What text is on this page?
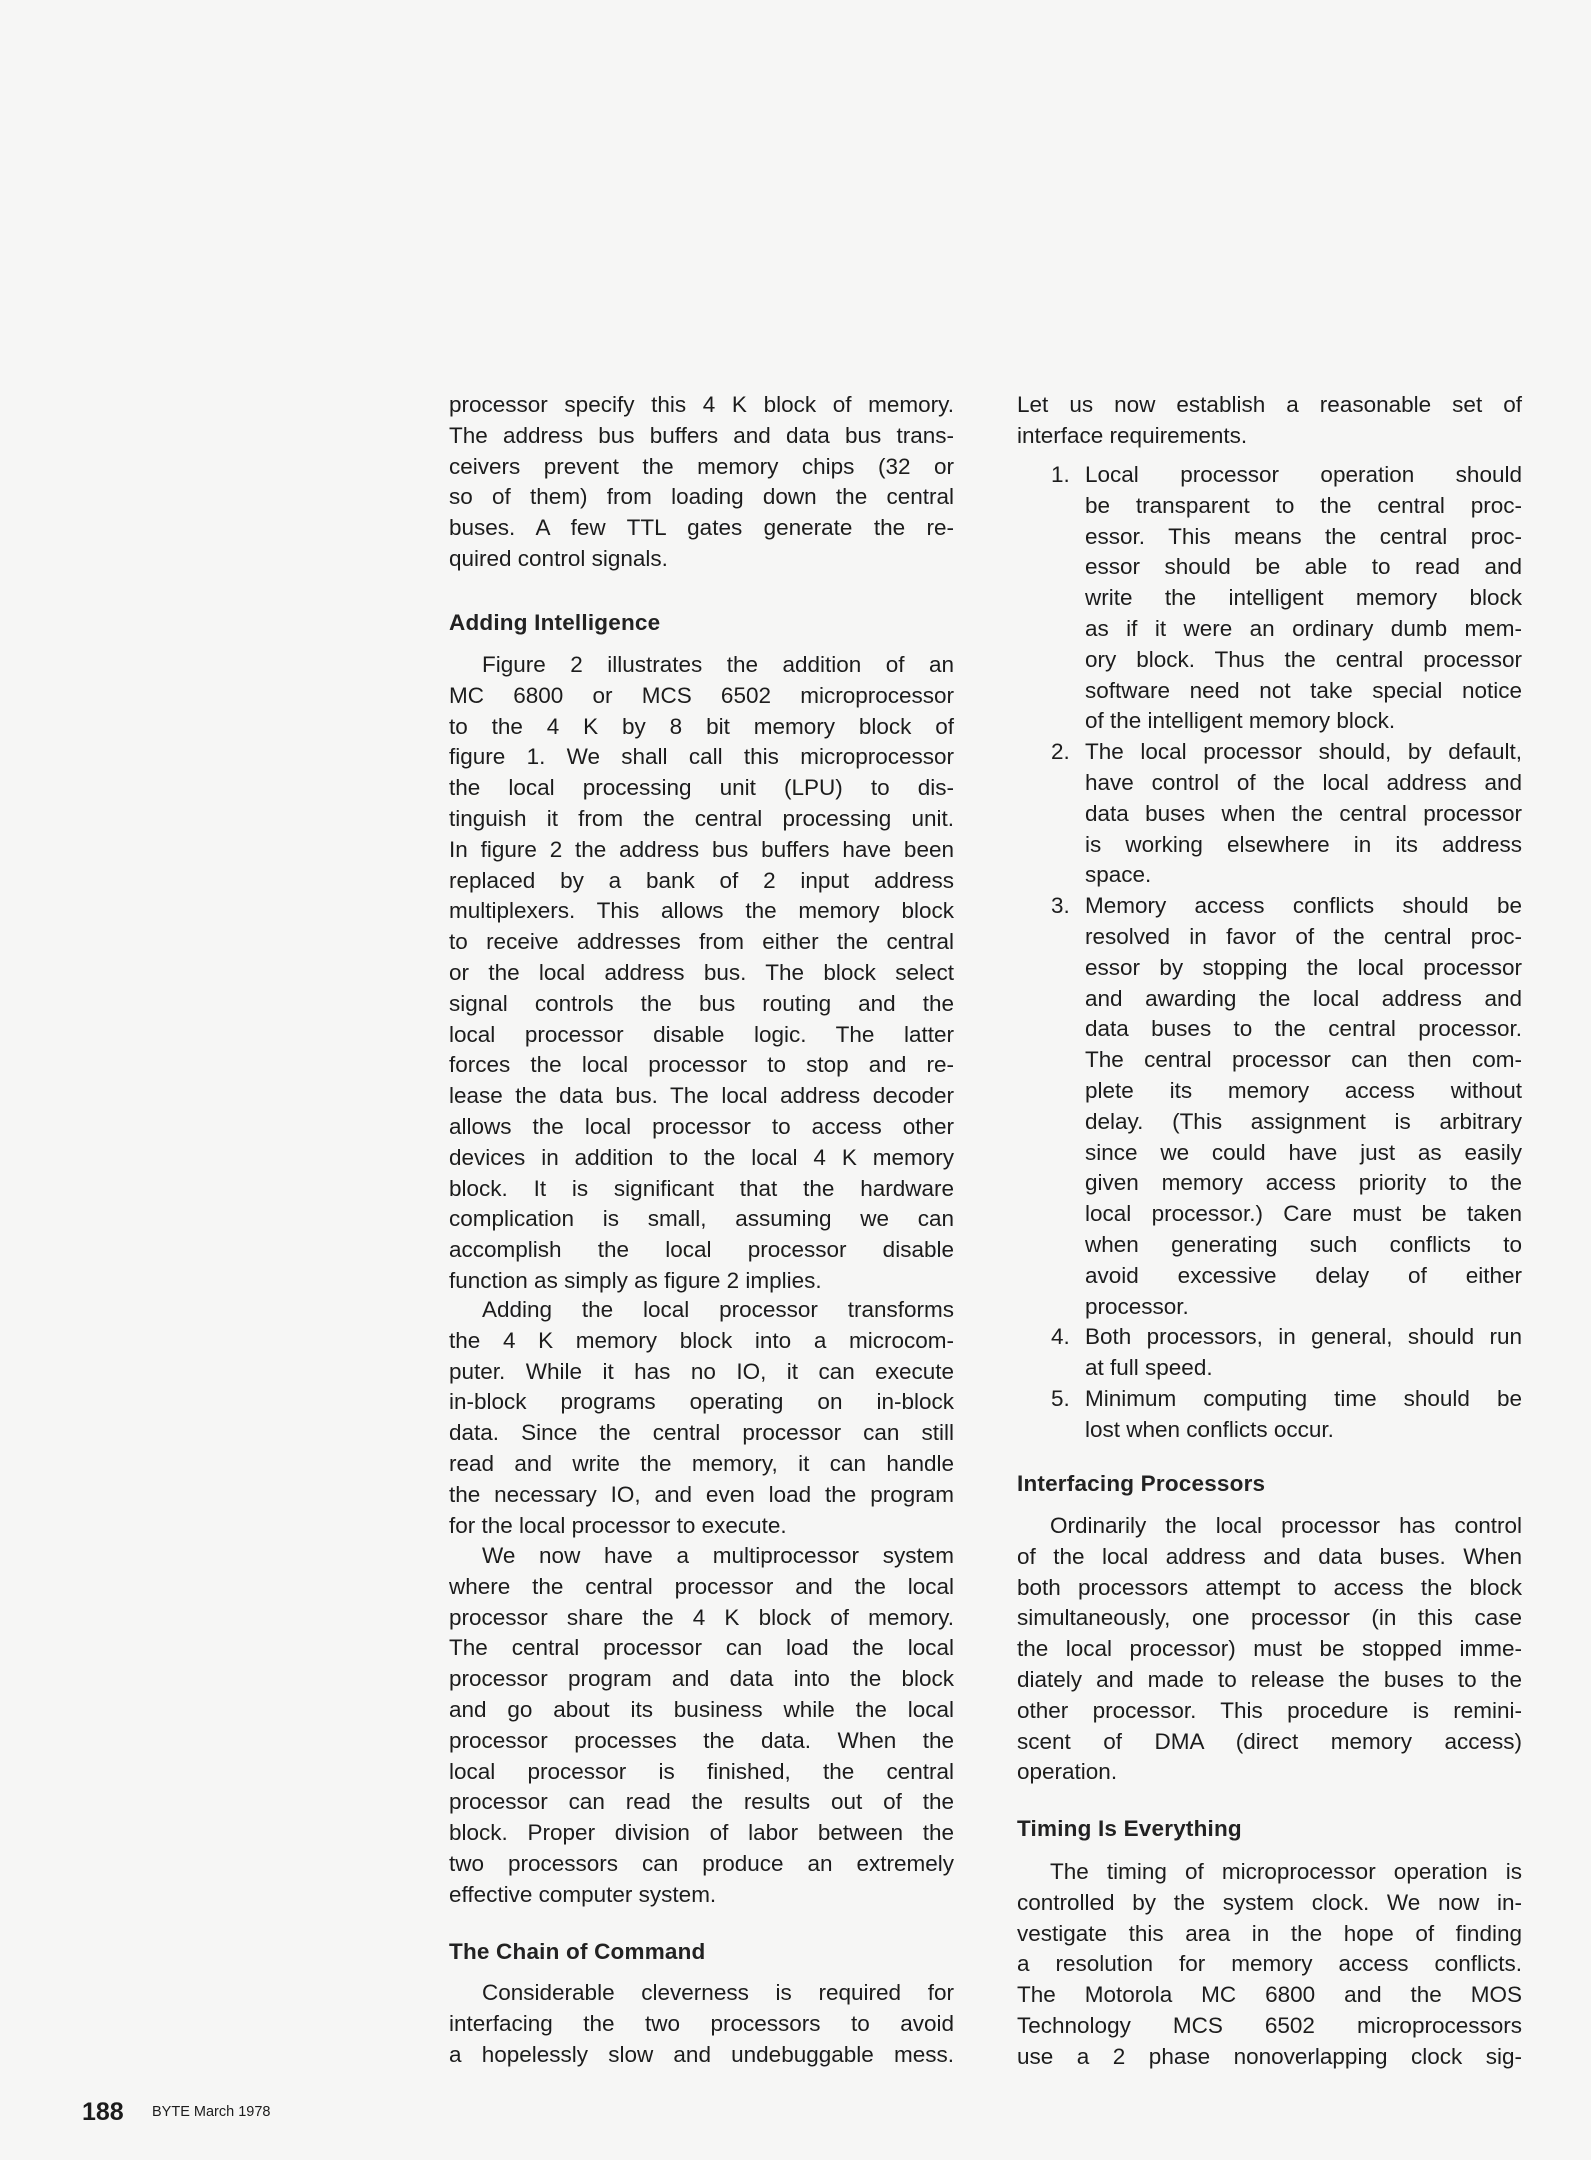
processor specify this 4 K block of memory.
The address bus buffers and data bus trans-
ceivers prevent the memory chips (32 or
so of them) from loading down the central
buses. A few TTL gates generate the re-
quired control signals.
Adding Intelligence
Figure 2 illustrates the addition of an
MC 6800 or MCS 6502 microprocessor
to the 4 K by 8 bit memory block of
figure 1. We shall call this microprocessor
the local processing unit (LPU) to dis-
tinguish it from the central processing unit.
In figure 2 the address bus buffers have been
replaced by a bank of 2 input address
multiplexers. This allows the memory block
to receive addresses from either the central
or the local address bus. The block select
signal controls the bus routing and the
local processor disable logic. The latter
forces the local processor to stop and re-
lease the data bus. The local address decoder
allows the local processor to access other
devices in addition to the local 4 K memory
block. It is significant that the hardware
complication is small, assuming we can
accomplish the local processor disable
function as simply as figure 2 implies.
Adding the local processor transforms
the 4 K memory block into a microcom-
puter. While it has no IO, it can execute
in-block programs operating on in-block
data. Since the central processor can still
read and write the memory, it can handle
the necessary IO, and even load the program
for the local processor to execute.
We now have a multiprocessor system
where the central processor and the local
processor share the 4 K block of memory.
The central processor can load the local
processor program and data into the block
and go about its business while the local
processor processes the data. When the
local processor is finished, the central
processor can read the results out of the
block. Proper division of labor between the
two processors can produce an extremely
effective computer system.
The Chain of Command
Considerable cleverness is required for
interfacing the two processors to avoid
a hopelessly slow and undebuggable mess.
Let us now establish a reasonable set of
interface requirements.
1. Local processor operation should
be transparent to the central proc-
essor. This means the central proc-
essor should be able to read and
write the intelligent memory block
as if it were an ordinary dumb mem-
ory block. Thus the central processor
software need not take special notice
of the intelligent memory block.
2. The local processor should, by default,
have control of the local address and
data buses when the central processor
is working elsewhere in its address
space.
3. Memory access conflicts should be
resolved in favor of the central proc-
essor by stopping the local processor
and awarding the local address and
data buses to the central processor.
The central processor can then com-
plete its memory access without
delay. (This assignment is arbitrary
since we could have just as easily
given memory access priority to the
local processor.) Care must be taken
when generating such conflicts to
avoid excessive delay of either
processor.
4. Both processors, in general, should run
at full speed.
5. Minimum computing time should be
lost when conflicts occur.
Interfacing Processors
Ordinarily the local processor has control
of the local address and data buses. When
both processors attempt to access the block
simultaneously, one processor (in this case
the local processor) must be stopped imme-
diately and made to release the buses to the
other processor. This procedure is remini-
scent of DMA (direct memory access)
operation.
Timing Is Everything
The timing of microprocessor operation is
controlled by the system clock. We now in-
vestigate this area in the hope of finding
a resolution for memory access conflicts.
The Motorola MC 6800 and the MOS
Technology MCS 6502 microprocessors
use a 2 phase nonoverlapping clock sig-
188 BYTE March 1978
